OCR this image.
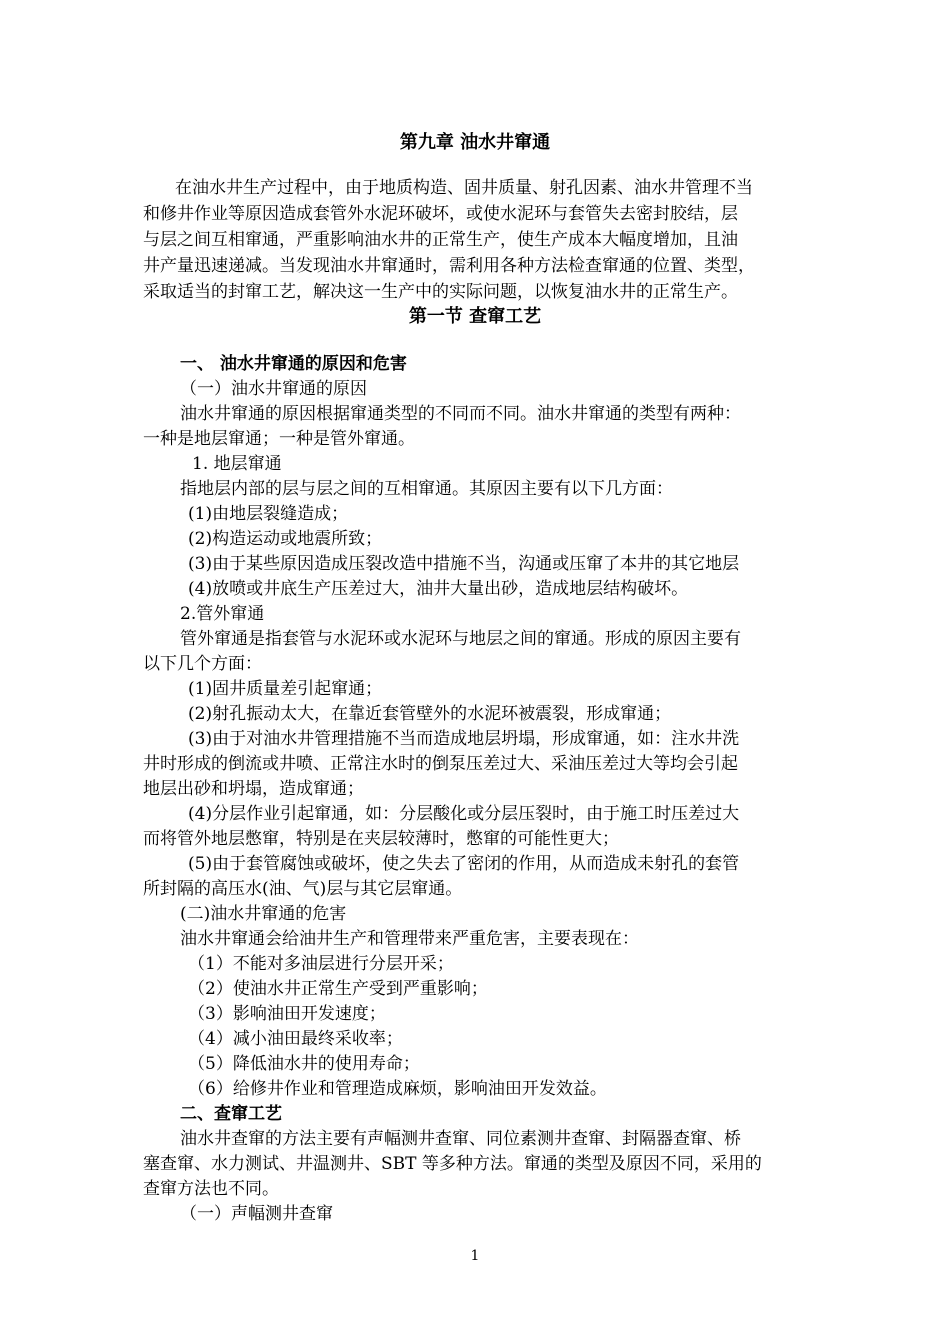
第九章 油水井窜通
在油水井生产过程中，由于地质构造、固井质量、射孔因素、油水井管理不当
和修井作业等原因造成套管外水泥环破坏，或使水泥环与套管失去密封胶结，层
与层之间互相窜通，严重影响油水井的正常生产，使生产成本大幅度增加，且油
井产量迅速递减。当发现油水井窜通时，需利用各种方法检查窜通的位置、类型，
采取适当的封窜工艺，解决这一生产中的实际问题，以恢复油水井的正常生产。
第一节 查窜工艺
一、 油水井窜通的原因和危害
（一）油水井窜通的原因
油水井窜通的原因根据窜通类型的不同而不同。油水井窜通的类型有两种：
一种是地层窜通；一种是管外窜通。
1. 地层窜通
指地层内部的层与层之间的互相窜通。其原因主要有以下几方面：
(1)由地层裂缝造成；
(2)构造运动或地震所致；
(3)由于某些原因造成压裂改造中措施不当，沟通或压窜了本井的其它地层
(4)放喷或井底生产压差过大，油井大量出砂，造成地层结构破坏。
2.管外窜通
管外窜通是指套管与水泥环或水泥环与地层之间的窜通。形成的原因主要有
以下几个方面：
(1)固井质量差引起窜通；
(2)射孔振动太大，在靠近套管壁外的水泥环被震裂，形成窜通；
(3)由于对油水井管理措施不当而造成地层坍塌，形成窜通，如：注水井洗
井时形成的倒流或井喷、正常注水时的倒泵压差过大、采油压差过大等均会引起
地层出砂和坍塌，造成窜通；
(4)分层作业引起窜通，如：分层酸化或分层压裂时，由于施工时压差过大
而将管外地层憋窜，特别是在夹层较薄时，憋窜的可能性更大；
(5)由于套管腐蚀或破坏，使之失去了密闭的作用，从而造成未射孔的套管
所封隔的高压水(油、气)层与其它层窜通。
(二)油水井窜通的危害
油水井窜通会给油井生产和管理带来严重危害，主要表现在：
（1）不能对多油层进行分层开采；
（2）使油水井正常生产受到严重影响；
（3）影响油田开发速度；
（4）减小油田最终采收率；
（5）降低油水井的使用寿命；
（6）给修井作业和管理造成麻烦，影响油田开发效益。
二、查窜工艺
油水井查窜的方法主要有声幅测井查窜、同位素测井查窜、封隔器查窜、桥
塞查窜、水力测试、井温测井、SBT 等多种方法。窜通的类型及原因不同，采用的
查窜方法也不同。
（一）声幅测井查窜
1
